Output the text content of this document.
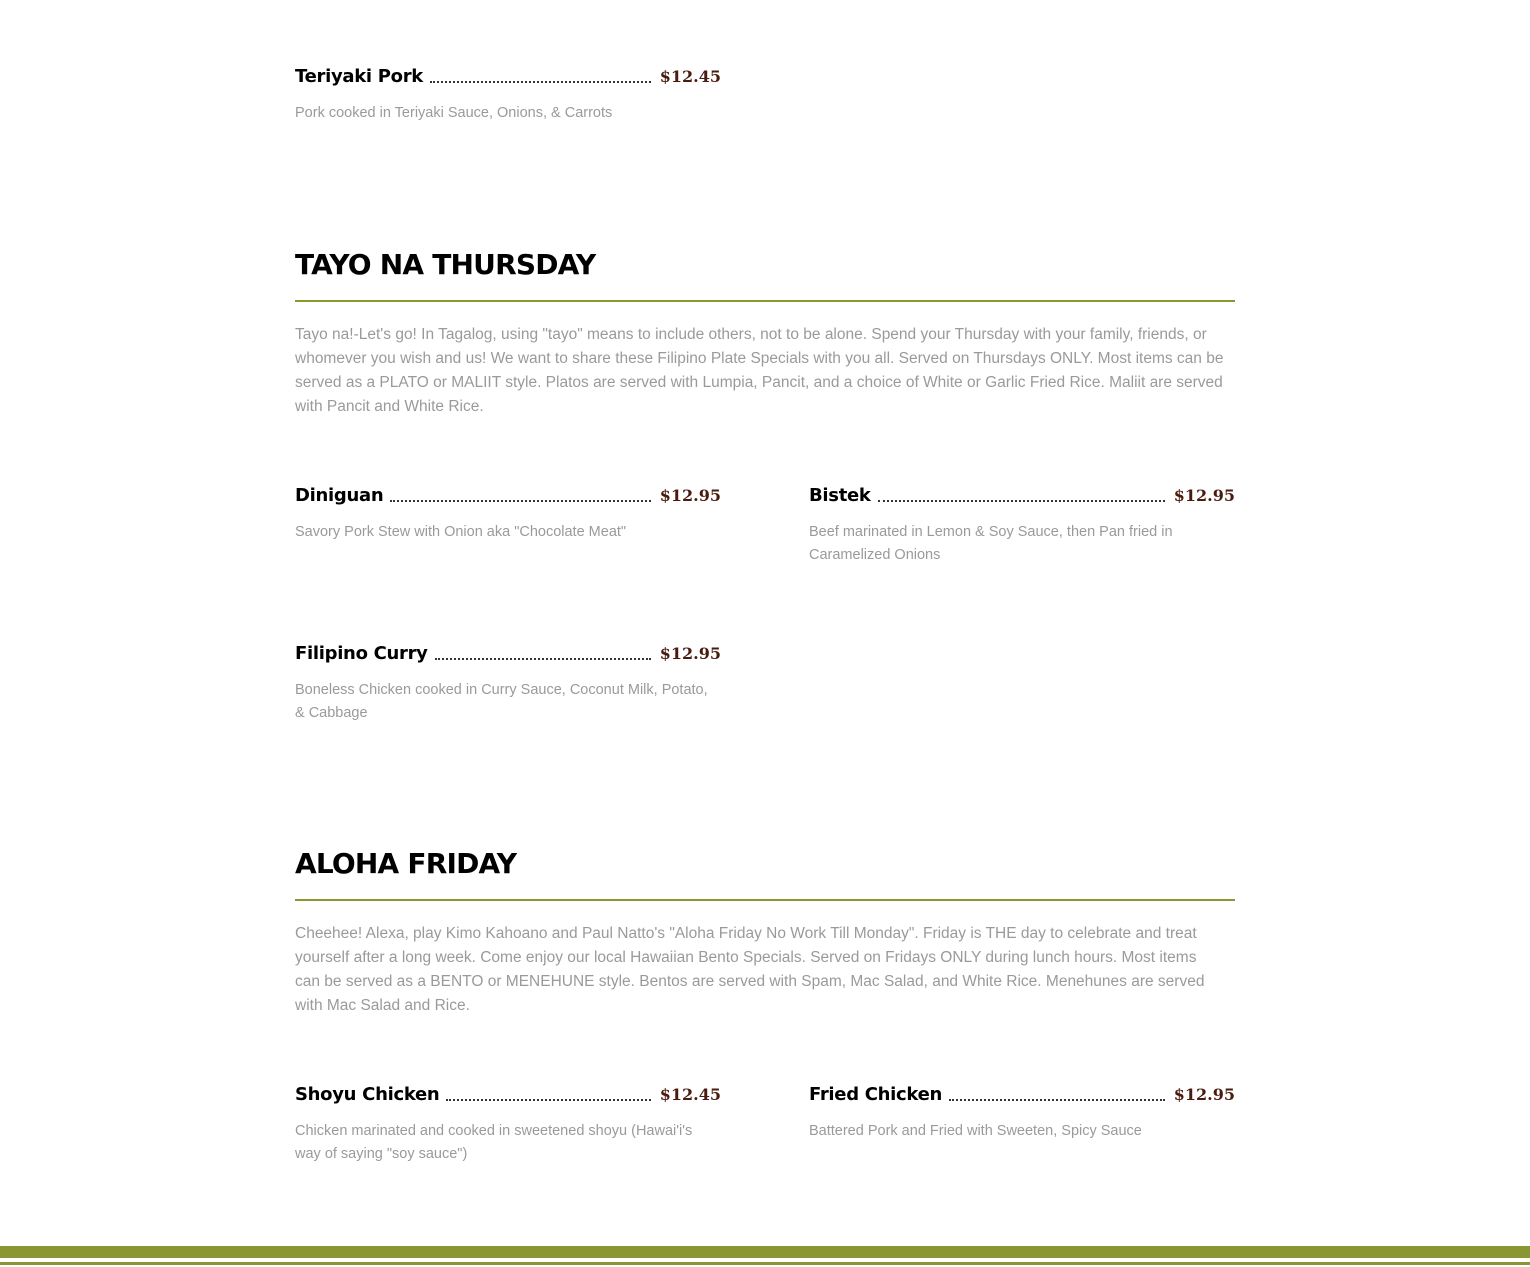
Teriyaki Pork	$12.45
Pork cooked in Teriyaki Sauce, Onions, & Carrots
TAYO NA THURSDAY

Tayo na!-Let's go! In Tagalog, using "tayo" means to include others, not to be alone. Spend your Thursday with your family, friends, or whomever you wish and us! We want to share these Filipino Plate Specials with you all. Served on Thursdays ONLY. Most items can be served as a PLATO or MALIIT style. Platos are served with Lumpia, Pancit, and a choice of White or Garlic Fried Rice. Maliit are served with Pancit and White Rice.

Diniguan	$12.95
Savory Pork Stew with Onion aka "Chocolate Meat"
Bistek	$12.95
Beef marinated in Lemon & Soy Sauce, then Pan fried in Caramelized Onions
Filipino Curry	$12.95
Boneless Chicken cooked in Curry Sauce, Coconut Milk, Potato, & Cabbage
ALOHA FRIDAY

Cheehee! Alexa, play Kimo Kahoano and Paul Natto's "Aloha Friday No Work Till Monday". Friday is THE day to celebrate and treat yourself after a long week. Come enjoy our local Hawaiian Bento Specials. Served on Fridays ONLY during lunch hours. Most items can be served as a BENTO or MENEHUNE style. Bentos are served with Spam, Mac Salad, and White Rice. Menehunes are served with Mac Salad and Rice.

Shoyu Chicken	$12.45
Chicken marinated and cooked in sweetened shoyu (Hawai'i's way of saying "soy sauce")
Fried Chicken	$12.95
Battered Pork and Fried with Sweeten, Spicy Sauce
